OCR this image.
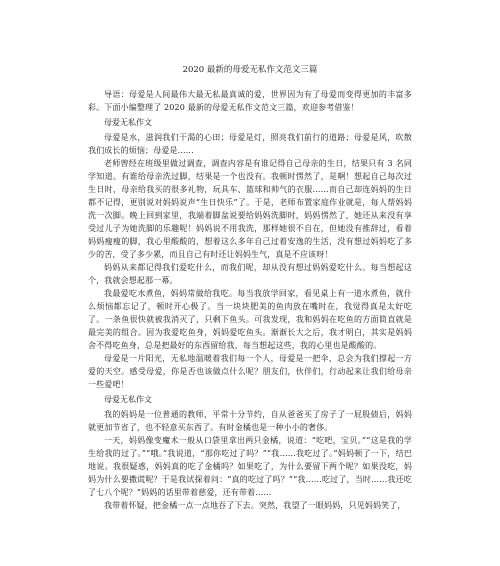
2020 最新的母爱无私作文范文三篇

导语：母爱是人间最伟大最无私最真诚的爱，世界因为有了母爱而变得更加的丰富多彩。下面小编整理了 2020 最新的母爱无私作文范文三篇，欢迎参考借鉴！

母爱无私作文

母爱是水，滋润我们干渴的心田；母爱是灯，照亮我们前行的道路；母爱是风，吹散我们成长的烦恼；母爱是......

老师曾经在班级里做过调查，调查内容是有谁记得自己母亲的生日，结果只有 3 名同学知道。有谁给母亲洗过脚，结果是一个也没有。我顿时愣然了，是啊！想起自己每次过生日时，母亲给我买的很多礼物，玩具车、篮球和帅气的衣服……而自己却连妈妈的生日都不记得，更别说对妈妈说声“生日快乐”了。于是，老师布置家庭作业就是，每人帮妈妈洗一次脚。晚上回到家里，我端着脚盆说要给妈妈洗脚时，妈妈愣然了，她还从来没有享受过儿子为她洗脚的乐趣呢！妈妈说不用我洗，那样她很不自在，但她没有推辞过，看着妈妈瘦瘦的脚，我心里酸酸的，想着这么多年自己过着安逸的生活，没有想过妈妈吃了多少的苦，受了多少累，而且自己有时还让妈妈生气，真是不应该呀！

妈妈从来都记得我们爱吃什么，而我们呢，却从没有想过妈妈爱吃什么。每当想起这个，我就会想起那一幕。

我最爱吃水煮鱼，妈妈常做给我吃。每当我放学回家，看见桌上有一道水煮鱼，就什么烦恼都忘记了，顿时开心极了。当一块块肥美的鱼肉放在嘴时在，我觉得真是太好吃了。一条鱼很快就被我消灭了，只剩下鱼头。可我发现，我和妈妈在吃鱼的方面简直就是最完美的组合。因为我爱吃鱼身，妈妈爱吃鱼头。渐渐长大之后，我才明白，其实是妈妈舍不得吃鱼身，总是把最好的东西留给我，每当想起这些，我的心里也是酸酸的。

母爱是一片阳光，无私地温暖着我们每一个人，母爱是一把伞，总会为我们撑起一方爱的天空。感受母爱，你是否也该做点什么呢？朋友们，伙伴们，行动起来让我们给母亲一些爱吧！

母爱无私作文

我的妈妈是一位普通的教师，平常十分节约，自从爸爸买了房子了一屁股债后，妈妈就更加节省了，也不轻意买东西了。有时金橘也是一种小小的奢侈。

一天，妈妈像变魔术一般从口袋里拿出两只金橘，说道：“吃吧，宝贝。”“这是我的学生给我的过了。”“哦。”我说道，“那你吃过了吗？”“我……我吃过了。”妈妈顿了一下，结巴地说。我很疑惑，妈妈真的吃了金橘吗？如果吃了，为什么要留下两个呢？如果没吃，妈妈为什么要撒谎呢？于是我试探着问：“真的吃过了吗？”“我……吃过了，当时……我还吃了七八个呢？”妈妈的话里带着慈爱，还有带着……

我带着怀疑，把金橘一点一点地吞了下去。突然，我望了一眼妈妈，只见妈妈笑了，
